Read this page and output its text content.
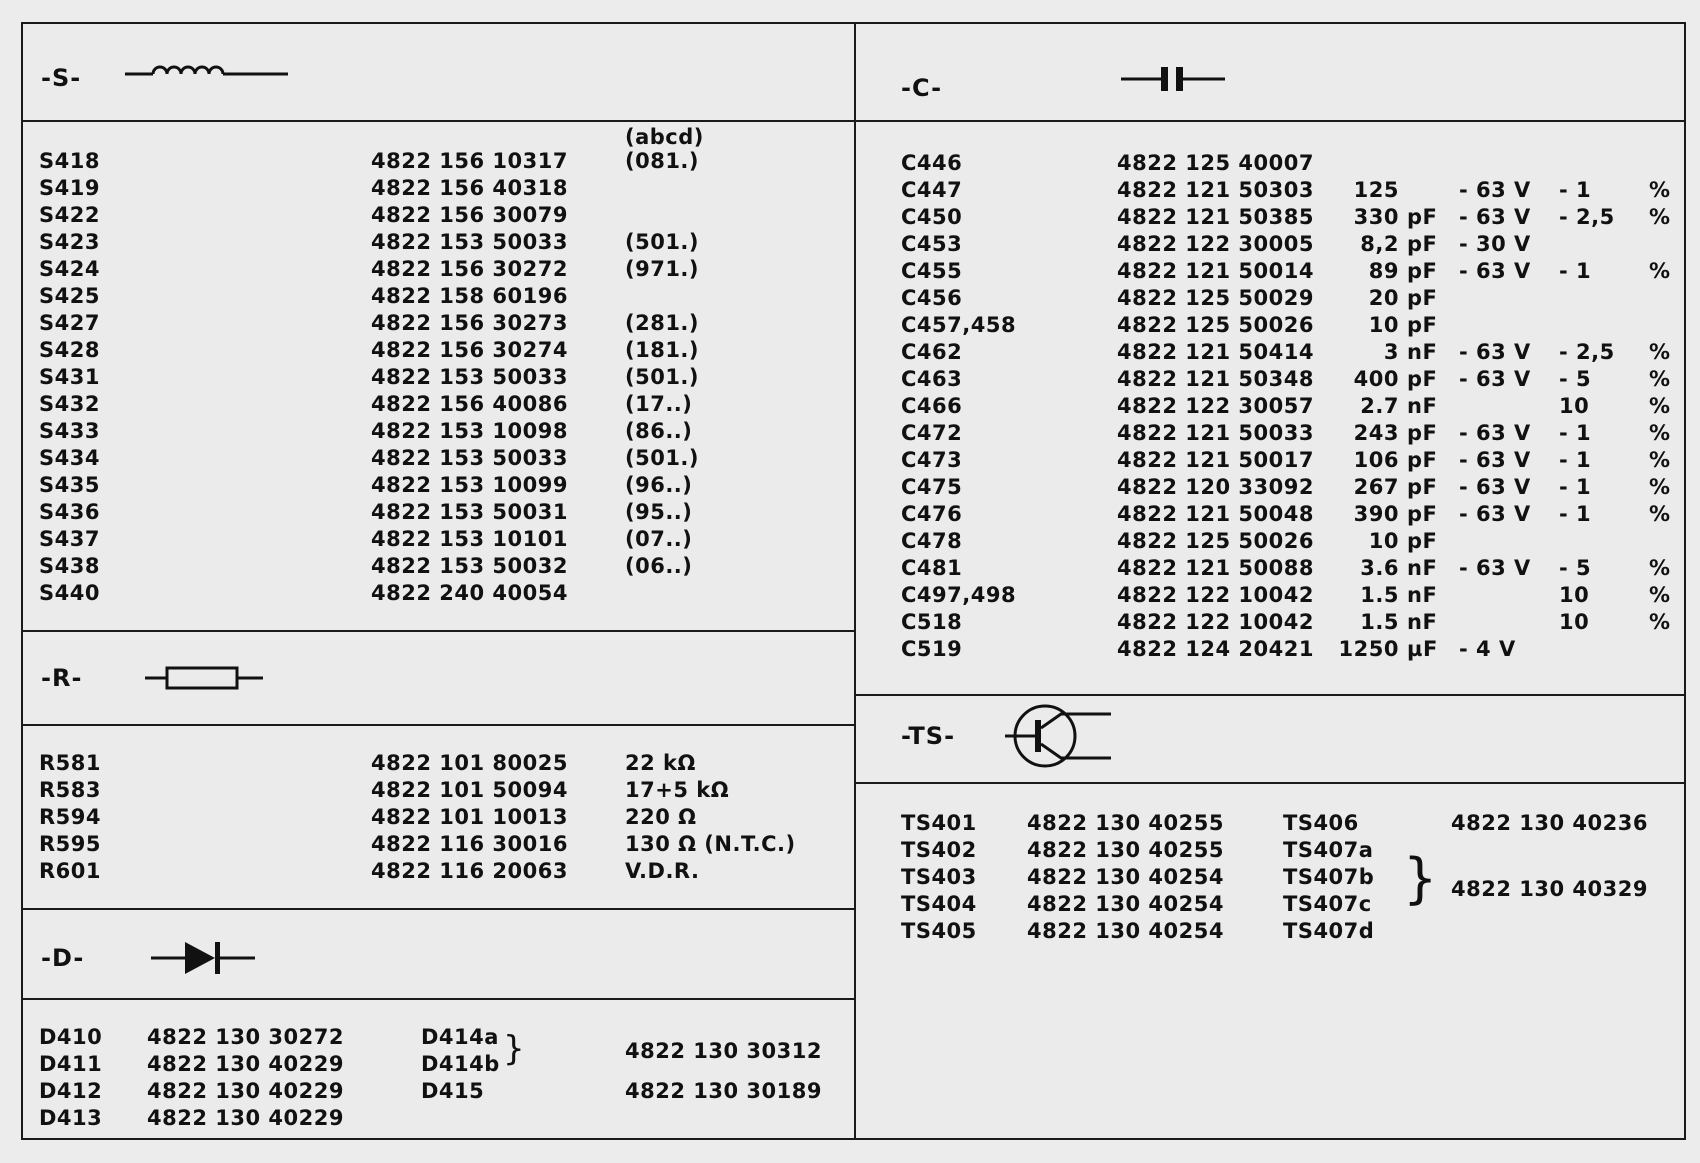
-S-
(abcd)
S418
S419
S422
S423
S424
S425
S427
S428
S431
S432
S433
S434
S435
S436
S437
S438
S440
4822 156 10317
4822 156 40318
4822 156 30079
4822 153 50033
4822 156 30272
4822 158 60196
4822 156 30273
4822 156 30274
4822 153 50033
4822 156 40086
4822 153 10098
4822 153 50033
4822 153 10099
4822 153 50031
4822 153 10101
4822 153 50032
4822 240 40054
(081.)
(501.)
(971.)
(281.)
(181.)
(501.)
(17..)
(86..)
(501.)
(96..)
(95..)
(07..)
(06..)
-R-
R581
R583
R594
R595
R601
4822 101 80025
4822 101 50094
4822 101 10013
4822 116 30016
4822 116 20063
22 kΩ
17+5 kΩ
220 Ω
130 Ω (N.T.C.)
V.D.R.
-D-
D410
D411
D412
D413
4822 130 30272
4822 130 40229
4822 130 40229
4822 130 40229
D414a
D414b
D415
}	4822 130 30312
4822 130 30189
-C-
C446
C447
C450
C453
C455
C456
C457,458
C462
C463
C466
C472
C473
C475
C476
C478
C481
C497,498
C518
C519
4822 125 40007
4822 121 50303
4822 121 50385
4822 122 30005
4822 121 50014
4822 125 50029
4822 125 50026
4822 121 50414
4822 121 50348
4822 122 30057
4822 121 50033
4822 121 50017
4822 120 33092
4822 121 50048
4822 125 50026
4822 121 50088
4822 122 10042
4822 122 10042
4822 124 20421
125
330
8,2
89
20
10
3
400
2.7
243
106
267
390
10
3.6
1.5
1.5
1250
pF
pF
pF
pF
pF
nF
pF
nF
pF
pF
pF
pF
pF
nF
nF
nF
µF
- 63 V
- 63 V
- 30 V
- 63 V
- 63 V
- 63 V
- 63 V
- 63 V
- 63 V
- 63 V
- 63 V
- 4 V
- 1
- 2,5
- 1
- 2,5
- 5
10
- 1
- 1
- 1
- 1
- 5
10
10
%
%
%
%
%
%
%
%
%
%
%
%
%
-TS-
TS401
TS402
TS403
TS404
TS405
4822 130 40255
4822 130 40255
4822 130 40254
4822 130 40254
4822 130 40254
TS406
TS407a
TS407b
TS407c
TS407d
4822 130 40236
} 4822 130 40329
